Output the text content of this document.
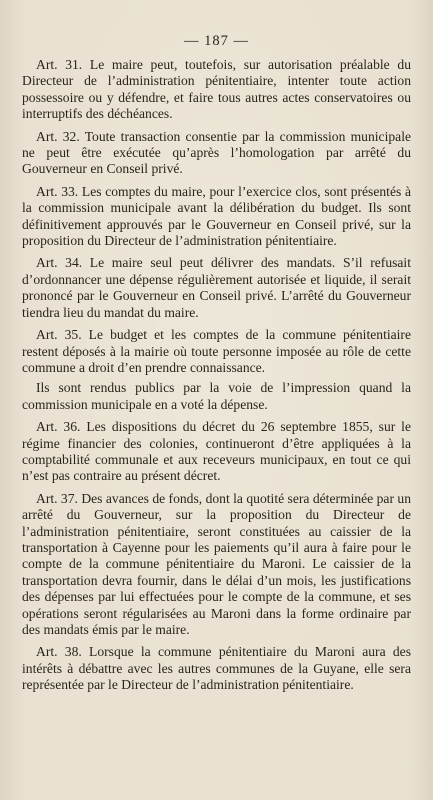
— 187 —

Art. 31. Le maire peut, toutefois, sur autorisation préalable du Directeur de l’administration pénitentiaire, intenter toute action possessoire ou y défendre, et faire tous autres actes conservatoires ou interruptifs des déchéances.

Art. 32. Toute transaction consentie par la commission municipale ne peut être exécutée qu’après l’homologation par arrêté du Gouverneur en Conseil privé.

Art. 33. Les comptes du maire, pour l’exercice clos, sont présentés à la commission municipale avant la délibération du budget. Ils sont définitivement approuvés par le Gouverneur en Conseil privé, sur la proposition du Directeur de l’administration pénitentiaire.

Art. 34. Le maire seul peut délivrer des mandats. S’il refusait d’ordonnancer une dépense régulièrement autorisée et liquide, il serait prononcé par le Gouverneur en Conseil privé. L’arrêté du Gouverneur tiendra lieu du mandat du maire.

Art. 35. Le budget et les comptes de la commune pénitentiaire restent déposés à la mairie où toute personne imposée au rôle de cette commune a droit d’en prendre connaissance.

Ils sont rendus publics par la voie de l’impression quand la commission municipale en a voté la dépense.

Art. 36. Les dispositions du décret du 26 septembre 1855, sur le régime financier des colonies, continueront d’être appliquées à la comptabilité communale et aux receveurs municipaux, en tout ce qui n’est pas contraire au présent décret.

Art. 37. Des avances de fonds, dont la quotité sera déterminée par un arrêté du Gouverneur, sur la proposition du Directeur de l’administration pénitentiaire, seront constituées au caissier de la transportation à Cayenne pour les paiements qu’il aura à faire pour le compte de la commune pénitentiaire du Maroni. Le caissier de la transportation devra fournir, dans le délai d’un mois, les justifications des dépenses par lui effectuées pour le compte de la commune, et ses opérations seront régularisées au Maroni dans la forme ordinaire par des mandats émis par le maire.

Art. 38. Lorsque la commune pénitentiaire du Maroni aura des intérêts à débattre avec les autres communes de la Guyane, elle sera représentée par le Directeur de l’administration pénitentiaire.
